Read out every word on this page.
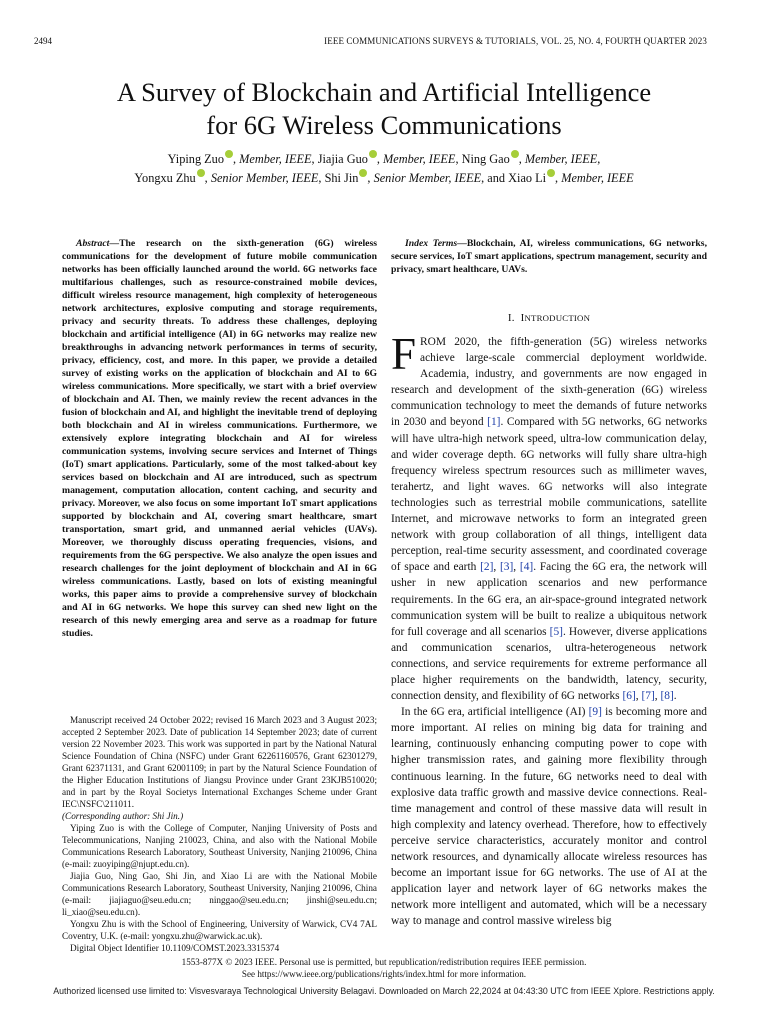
2494	IEEE COMMUNICATIONS SURVEYS & TUTORIALS, VOL. 25, NO. 4, FOURTH QUARTER 2023
A Survey of Blockchain and Artificial Intelligence
for 6G Wireless Communications
Yiping Zuo , Member, IEEE, Jiajia Guo , Member, IEEE, Ning Gao , Member, IEEE,
Yongxu Zhu , Senior Member, IEEE, Shi Jin , Senior Member, IEEE, and Xiao Li , Member, IEEE
Abstract—The research on the sixth-generation (6G) wireless communications for the development of future mobile communication networks has been officially launched around the world. 6G networks face multifarious challenges, such as resource-constrained mobile devices, difficult wireless resource management, high complexity of heterogeneous network architectures, explosive computing and storage requirements, privacy and security threats. To address these challenges, deploying blockchain and artificial intelligence (AI) in 6G networks may realize new breakthroughs in advancing network performances in terms of security, privacy, efficiency, cost, and more. In this paper, we provide a detailed survey of existing works on the application of blockchain and AI to 6G wireless communications. More specifically, we start with a brief overview of blockchain and AI. Then, we mainly review the recent advances in the fusion of blockchain and AI, and highlight the inevitable trend of deploying both blockchain and AI in wireless communications. Furthermore, we extensively explore integrating blockchain and AI for wireless communication systems, involving secure services and Internet of Things (IoT) smart applications. Particularly, some of the most talked-about key services based on blockchain and AI are introduced, such as spectrum management, computation allocation, content caching, and security and privacy. Moreover, we also focus on some important IoT smart applications supported by blockchain and AI, covering smart healthcare, smart transportation, smart grid, and unmanned aerial vehicles (UAVs). Moreover, we thoroughly discuss operating frequencies, visions, and requirements from the 6G perspective. We also analyze the open issues and research challenges for the joint deployment of blockchain and AI in 6G wireless communications. Lastly, based on lots of existing meaningful works, this paper aims to provide a comprehensive survey of blockchain and AI in 6G networks. We hope this survey can shed new light on the research of this newly emerging area and serve as a roadmap for future studies.

Manuscript received 24 October 2022; revised 16 March 2023 and 3 August 2023; accepted 2 September 2023. Date of publication 14 September 2023; date of current version 22 November 2023. This work was supported in part by the National Natural Science Foundation of China (NSFC) under Grant 62261160576, Grant 62301279, Grant 62371131, and Grant 62001109; in part by the Natural Science Foundation of the Higher Education Institutions of Jiangsu Province under Grant 23KJB510020; and in part by the Royal Societys International Exchanges Scheme under Grant IEC\NSFC\211011.
(Corresponding author: Shi Jin.)

Yiping Zuo is with the College of Computer, Nanjing University of Posts and Telecommunications, Nanjing 210023, China, and also with the National Mobile Communications Research Laboratory, Southeast University, Nanjing 210096, China (e-mail: zuoyiping@njupt.edu.cn).

Jiajia Guo, Ning Gao, Shi Jin, and Xiao Li are with the National Mobile Communications Research Laboratory, Southeast University, Nanjing 210096, China (e-mail: jiajiaguo@seu.edu.cn; ninggao@seu.edu.cn; jinshi@seu.edu.cn; li_xiao@seu.edu.cn).

Yongxu Zhu is with the School of Engineering, University of Warwick, CV4 7AL Coventry, U.K. (e-mail: yongxu.zhu@warwick.ac.uk).

Digital Object Identifier 10.1109/COMST.2023.3315374

Index Terms—Blockchain, AI, wireless communications, 6G networks, secure services, IoT smart applications, spectrum management, security and privacy, smart healthcare, UAVs.
I. INTRODUCTION

FROM 2020, the fifth-generation (5G) wireless networks achieve large-scale commercial deployment worldwide. Academia, industry, and governments are now engaged in research and development of the sixth-generation (6G) wireless communication technology to meet the demands of future networks in 2030 and beyond [1]. Compared with 5G networks, 6G networks will have ultra-high network speed, ultra-low communication delay, and wider coverage depth. 6G networks will fully share ultra-high frequency wireless spectrum resources such as millimeter waves, terahertz, and light waves. 6G networks will also integrate technologies such as terrestrial mobile communications, satellite Internet, and microwave networks to form an integrated green network with group collaboration of all things, intelligent data perception, real-time security assessment, and coordinated coverage of space and earth [2], [3], [4]. Facing the 6G era, the network will usher in new application scenarios and new performance requirements. In the 6G era, an air-space-ground integrated network communication system will be built to realize a ubiquitous network for full coverage and all scenarios [5]. However, diverse applications and communication scenarios, ultra-heterogeneous network connections, and service requirements for extreme performance all place higher requirements on the bandwidth, latency, security, connection density, and flexibility of 6G networks [6], [7], [8].

In the 6G era, artificial intelligence (AI) [9] is becoming more and more important. AI relies on mining big data for training and learning, continuously enhancing computing power to cope with higher transmission rates, and gaining more flexibility through continuous learning. In the future, 6G networks need to deal with explosive data traffic growth and massive device connections. Real-time management and control of these massive data will result in high complexity and latency overhead. Therefore, how to effectively perceive service characteristics, accurately monitor and control network resources, and dynamically allocate wireless resources has become an important issue for 6G networks. The use of AI at the application layer and network layer of 6G networks makes the network more intelligent and automated, which will be a necessary way to manage and control massive wireless big

1553-877X © 2023 IEEE. Personal use is permitted, but republication/redistribution requires IEEE permission.
See https://www.ieee.org/publications/rights/index.html for more information.
Authorized licensed use limited to: Visvesvaraya Technological University Belagavi. Downloaded on March 22,2024 at 04:43:30 UTC from IEEE Xplore. Restrictions apply.
